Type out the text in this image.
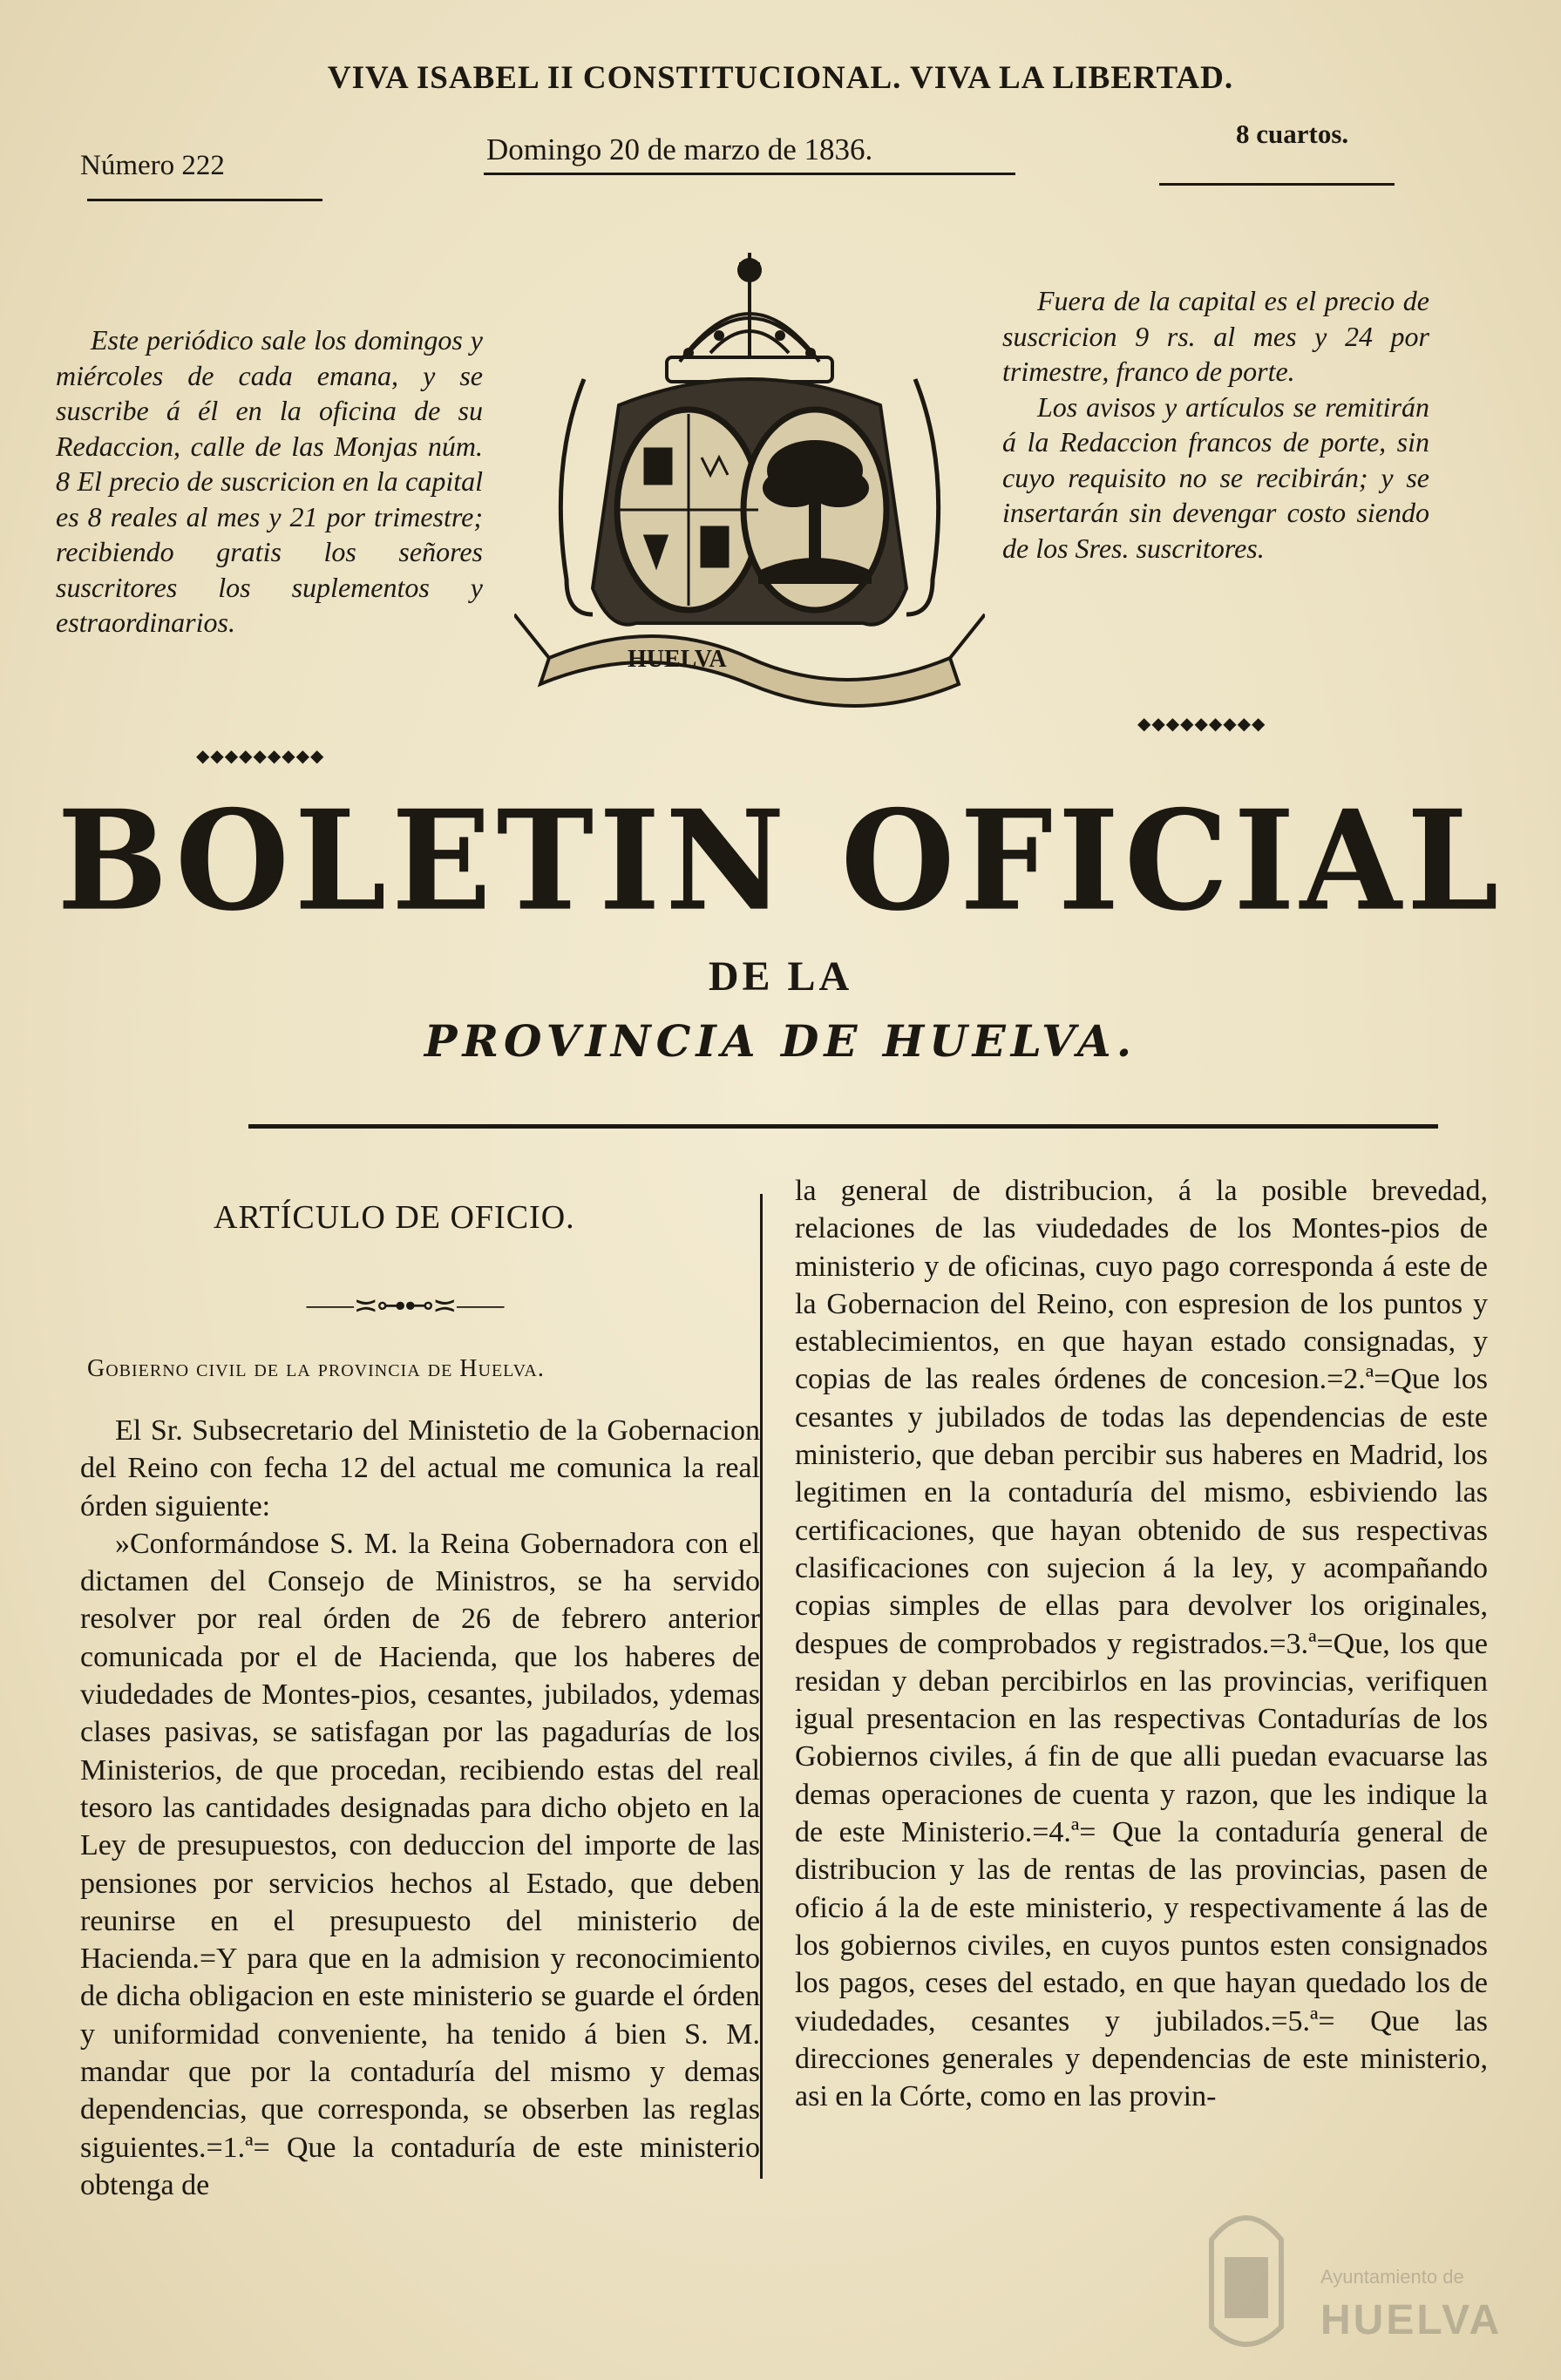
VIVA ISABEL II CONSTITUCIONAL. VIVA LA LIBERTAD.
Número 222	Domingo 20 de marzo de 1836.	8 cuartos.

Este periódico sale los domingos y miércoles de cada emana, y se suscribe á él en la oficina de su Redaccion, calle de las Monjas núm. 8 El precio de suscricion en la capital es 8 reales al mes y 21 por trimestre; recibiendo gratis los señores suscritores los suplementos y estraordinarios.

◆◆◆◆◆◆◆◆◆

Fuera de la capital es el precio de suscricion 9 rs. al mes y 24 por trimestre, franco de porte.

Los avisos y artículos se remitirán á la Redaccion francos de porte, sin cuyo requisito no se recibirán; y se insertarán sin devengar costo siendo de los Sres. suscritores.

◆◆◆◆◆◆◆◆◆
HUELVA
BOLETIN OFICIAL
DE LA
PROVINCIA DE HUELVA.
ARTÍCULO DE OFICIO.
⸺≍⊶⊷≍⸺
Gobierno civil de la provincia de Huelva.

El Sr. Subsecretario del Ministetio de la Gobernacion del Reino con fecha 12 del actual me comunica la real órden siguiente:

»Conformándose S. M. la Reina Gobernadora con el dictamen del Consejo de Ministros, se ha servido resolver por real órden de 26 de febrero anterior comunicada por el de Hacienda, que los haberes de viudedades de Montes-pios, cesantes, jubilados, ydemas clases pasivas, se satisfagan por las pagadurías de los Ministerios, de que procedan, recibiendo estas del real tesoro las cantidades designadas para dicho objeto en la Ley de presupuestos, con deduccion del importe de las pensiones por servicios hechos al Estado, que deben reunirse en el presupuesto del ministerio de Hacienda.=Y para que en la admision y reconocimiento de dicha obligacion en este ministerio se guarde el órden y uniformidad conveniente, ha tenido á bien S. M. mandar que por la contaduría del mismo y demas dependencias, que corresponda, se obserben las reglas siguientes.=1.ª= Que la contaduría de este ministerio obtenga de

la general de distribucion, á la posible brevedad, relaciones de las viudedades de los Montes-pios de ministerio y de oficinas, cuyo pago corresponda á este de la Gobernacion del Reino, con espresion de los puntos y establecimientos, en que hayan estado consignadas, y copias de las reales órdenes de concesion.=2.ª=Que los cesantes y jubilados de todas las dependencias de este ministerio, que deban percibir sus haberes en Madrid, los legitimen en la contaduría del mismo, esbiviendo las certificaciones, que hayan obtenido de sus respectivas clasificaciones con sujecion á la ley, y acompañando copias simples de ellas para devolver los originales, despues de comprobados y registrados.=3.ª=Que, los que residan y deban percibirlos en las provincias, verifiquen igual presentacion en las respectivas Contadurías de los Gobiernos civiles, á fin de que alli puedan evacuarse las demas operaciones de cuenta y razon, que les indique la de este Ministerio.=4.ª= Que la contaduría general de distribucion y las de rentas de las provincias, pasen de oficio á la de este ministerio, y respectivamente á las de los gobiernos civiles, en cuyos puntos esten consignados los pagos, ceses del estado, en que hayan quedado los de viudedades, cesantes y jubilados.=5.ª= Que las direcciones generales y dependencias de este ministerio, asi en la Córte, como en las provin-

Ayuntamiento de
HUELVA
